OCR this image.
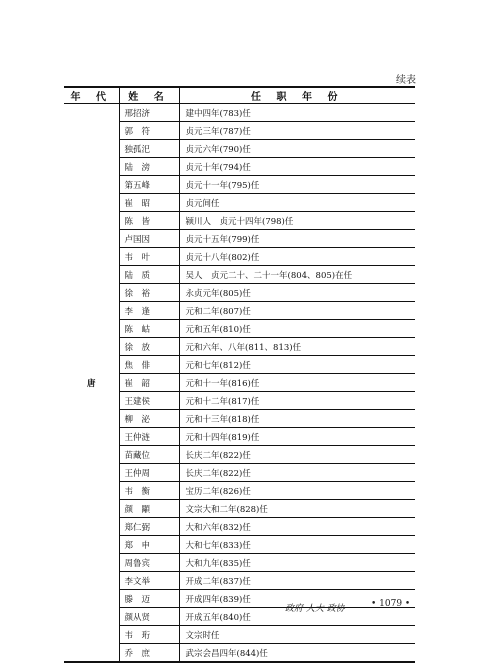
续表
年 代	姓 名	任 职 年 份
唐	邢招济	建中四年(783)任
	郭　符	贞元三年(787)任
	独孤汜	贞元六年(790)任
	陆　滂	贞元十年(794)任
	第五峰	贞元十一年(795)任
	崔　昭	贞元间任
	陈　皆	颍川人　贞元十四年(798)任
	卢国因	贞元十五年(799)任
	韦　叶	贞元十八年(802)任
	陆　质	吴人　贞元二十、二十一年(804、805)在任
	徐　裕	永贞元年(805)任
	李　逢	元和二年(807)任
	陈　岵	元和五年(810)任
	徐　放	元和六年、八年(811、813)任
	焦　俳	元和七年(812)任
	崔　韶	元和十一年(816)任
	王建侯	元和十二年(817)任
	柳　泌	元和十三年(818)任
	王仲涟	元和十四年(819)任
	苗藏位	长庆二年(822)任
	王仲周	长庆二年(822)任
	韦　衡	宝历二年(826)任
	颜　顒	文宗大和二年(828)任
	郑仁弼	大和六年(832)任
	郑　申	大和七年(833)任
	周鲁宾	大和九年(835)任
	李文举	开成二年(837)任
	滕　迈	开成四年(839)任
	颜从贤	开成五年(840)任
	韦　珩	文宗时任
	乔　庶	武宗会昌四年(844)任
政府 人大 政协	• 1079 •
